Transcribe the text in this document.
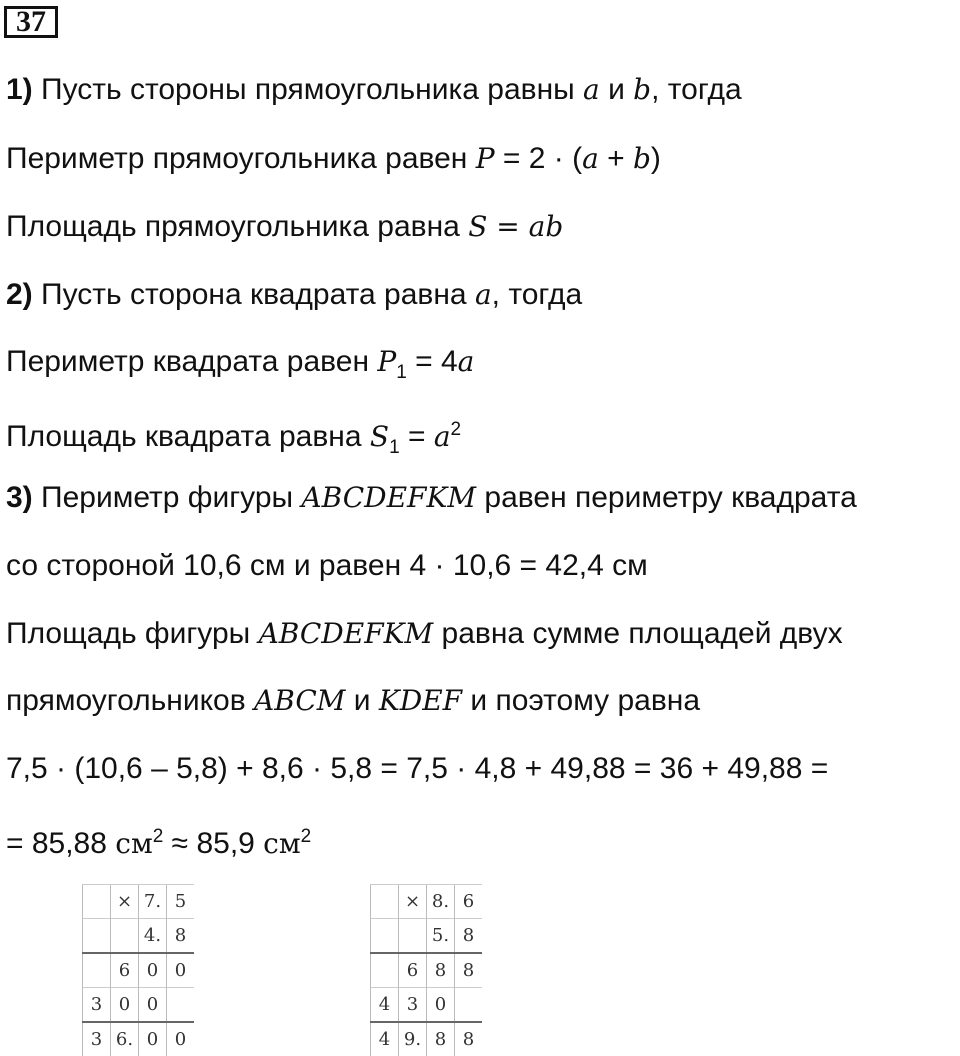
37
1) Пусть стороны прямоугольника равны a и b, тогда
Периметр прямоугольника равен P = 2 · (a + b)
Площадь прямоугольника равна S = ab
2) Пусть сторона квадрата равна a, тогда
Периметр квадрата равен $P_1 = 4a$
Площадь квадрата равна $S_1 = a^2$
3) Периметр фигуры ABCDEFKM равен периметру квадрата
со стороной 10,6 см и равен 4 · 10,6 = 42,4 см
Площадь фигуры ABCDEFKM равна сумме площадей двух
прямоугольников ABCM и KDEF и поэтому равна
7,5 · (10,6 – 5,8) + 8,6 · 5,8 = 7,5 · 4,8 + 49,88 = 36 + 49,88 =
= 85,88 $см^2 \approx 85,9$ $см^2$
	×	7.	5
		4.	8
	6	0	0
3	0	0	
3	6.	0	0
	×	8.	6
		5.	8
	6	8	8
4	3	0	
4	9.	8	8
